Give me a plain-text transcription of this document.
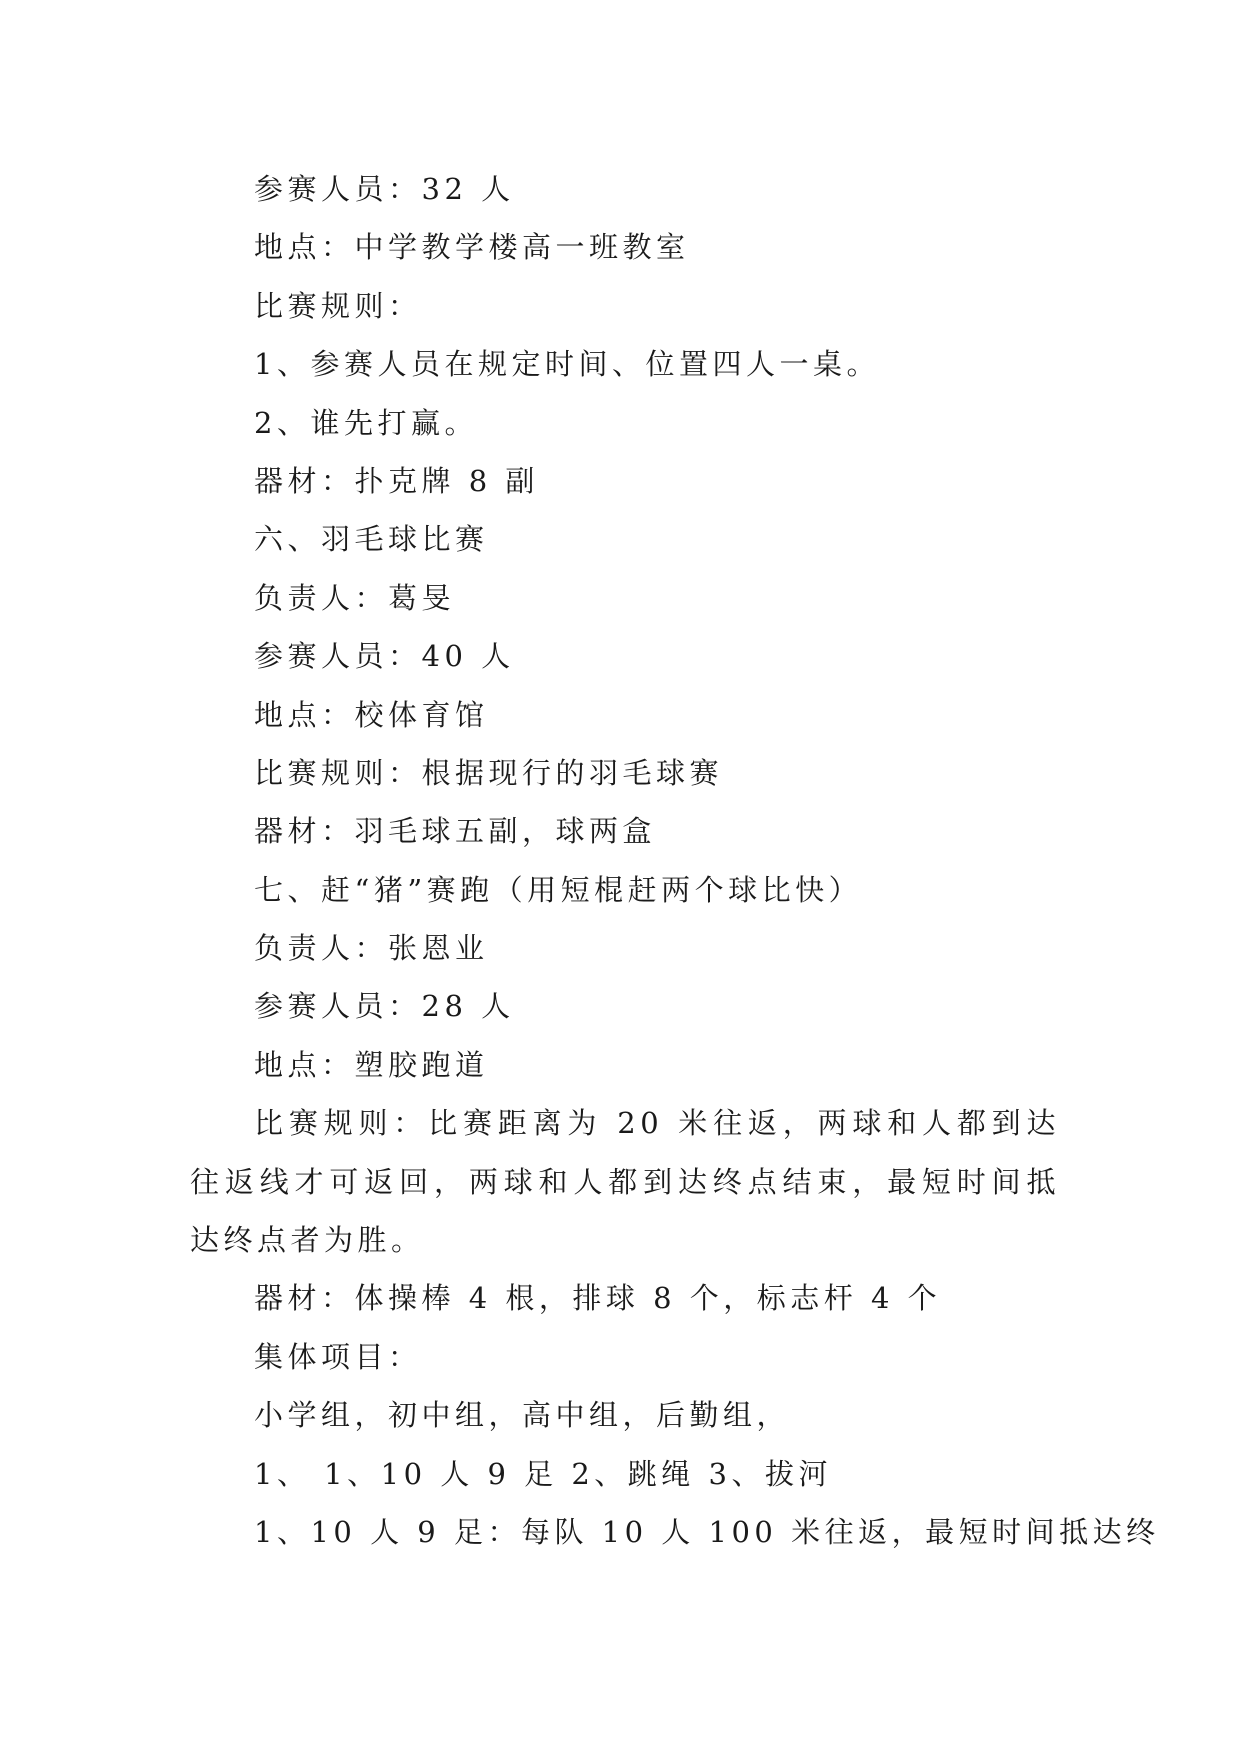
参赛人员：32 人
地点：中学教学楼高一班教室
比赛规则：
1、参赛人员在规定时间、位置四人一桌。
2、谁先打赢。
器材：扑克牌 8 副
六、羽毛球比赛
负责人：葛旻
参赛人员：40 人
地点：校体育馆
比赛规则：根据现行的羽毛球赛
器材：羽毛球五副，球两盒
七、赶“猪”赛跑（用短棍赶两个球比快）
负责人：张恩业
参赛人员：28 人
地点：塑胶跑道

比赛规则：比赛距离为 20 米往返，两球和人都到达往返线才可返回，两球和人都到达终点结束，最短时间抵达终点者为胜。

器材：体操棒 4 根，排球 8 个，标志杆 4 个
集体项目：
小学组，初中组，高中组，后勤组，
1、 1、10 人 9 足 2、跳绳 3、拔河
1、10 人 9 足：每队 10 人 100 米往返，最短时间抵达终
